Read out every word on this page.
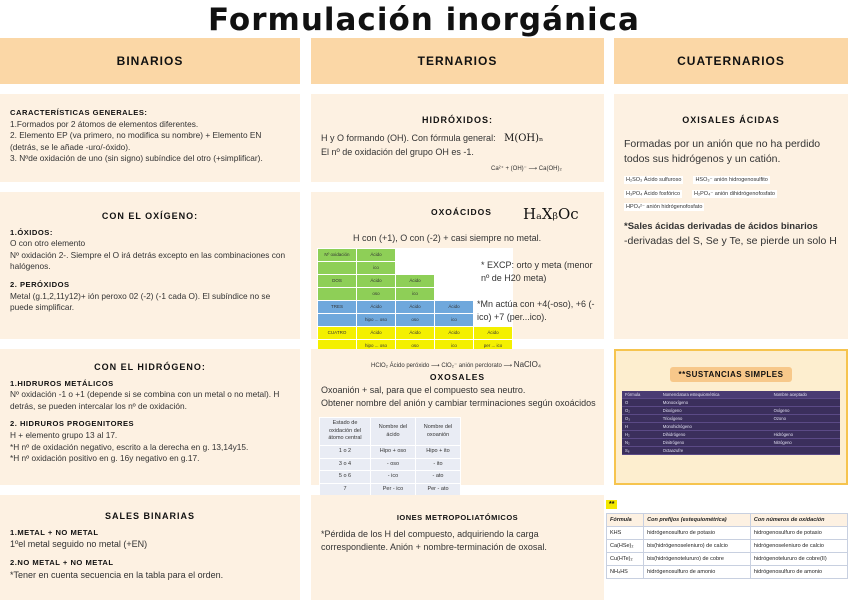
Formulación inorgánica
BINARIOS	TERNARIOS	CUATERNARIOS
CARACTERÍSTICAS GENERALES:

1.Formados por 2 átomos de elementos diferentes.

2. Elemento EP (va primero, no modifica su nombre) + Elemento EN (detrás, se le añade -uro/-óxido).

3. Nºde oxidación de uno (sin signo) subíndice del otro (+simplificar).

CON EL OXÍGENO:
1.ÓXIDOS:

O con otro elemento

Nº oxidación 2-. Siempre el O irá detrás excepto en las combinaciones con halógenos.

2. PERÓXIDOS

Metal (g.1,2,11y12)+ ión peroxo 02 (-2) (-1 cada O). El subíndice no se puede simplificar.

CON EL HIDRÓGENO:
1.HIDRUROS METÁLICOS

Nº oxidación -1 o +1 (depende si se combina con un metal o no metal). H detrás, se pueden intercalar los nº de oxidación.

2. HIDRUROS PROGENITORES

H + elemento grupo 13 al 17.

*H nº de oxidación negativo, escrito a la derecha en g. 13,14y15.

*H nº oxidación positivo en g. 16y negativo en g.17.

SALES BINARIAS
1.METAL + NO METAL

1ºel metal seguido no metal (+EN)

2.NO METAL + NO METAL

*Tener en cuenta secuencia en la tabla para el orden.

HIDRÓXIDOS:

H y O formando (OH). Con fórmula general: M(OH)ₙ

El nº de oxidación del grupo OH es -1.

Ca²⁺ + (OH)⁻ ⟶ Ca(OH)₂
OXOÁCIDOS HₐXᵦOc
H con (+1), O con (-2) + casi siempre no metal.
Nº oxidación	Ácido			
	ico			
DOS	Ácido	Ácido		
	oso	ico		
TRES	Ácido	Ácido	Ácido	
	hipo ... oso	oso	ico	
CUATRO	Ácido	Ácido	Ácido	Ácido
	hipo ... oso	oso	ico	per ... ico
* EXCP: orto y meta (menor nº de H20 meta)
*Mn actúa con +4(-oso), +6 (-ico) +7 (per...ico).
HClO₂ Ácido peróxido ⟶ ClO₂⁻ anión perclorato ⟶ NaClO₄
OXOSALES

Oxoanión + sal, para que el compuesto sea neutro.

Obtener nombre del anión y cambiar terminaciones según oxoácidos

Estado de oxidación del átomo central	Nombre del ácido	Nombre del oxoanión
1 o 2	Hipo + oso	Hipo + ito
3 o 4	- oso	- ito
5 o 6	- ico	- ato
7	Per - ico	Per - ato
IONES METROPOLIATÓMICOS

*Pérdida de los H del compuesto, adquiriendo la carga correspondiente. Anión + nombre-terminación de oxosal.

OXISALES ÁCIDAS

Formadas por un anión que no ha perdido todos sus hidrógenos y un catión.

H₂SO₃ Ácido sulfuroso	HSO₃⁻ anión hidrogenosulfito
H₃PO₄ Ácido fosfórico	H₂PO₄⁻ anión dihidrógenofosfato
HPO₄²⁻ anión hidrógenofosfato

*Sales ácidas derivadas de ácidos binarios

-derivadas del S, Se y Te, se pierde un solo H

**SUSTANCIAS SIMPLES
Fórmula	Nomenclatura estequiométrica	Nombre aceptado
O	Monooxígeno	
O₂	Dioxígeno	Oxígeno
O₃	Trioxígeno	Ozono
H	Monohidrógeno	
H₂	Dihidrógeno	Hidrógeno
N₂	Dinitrógeno	Nitrógeno
S₈	Octaazufre	
**
Fórmula	Con prefijos (estequiométrica)	Con números de oxidación
KHS	hidrógenosulfuro de potasio	hidrogenosulfuro de potasio
Ca(HSe)₂	bis(hidrógenoseleniuro) de calcio	hidrógenoseleniuro de calcio
Cu(HTe)₂	bis(hidrógenotelururo) de cobre	hidrógenotelururo de cobre(II)
NH₄HS	hidrógenosulfuro de amonio	hidrógenosulfuro de amonio
